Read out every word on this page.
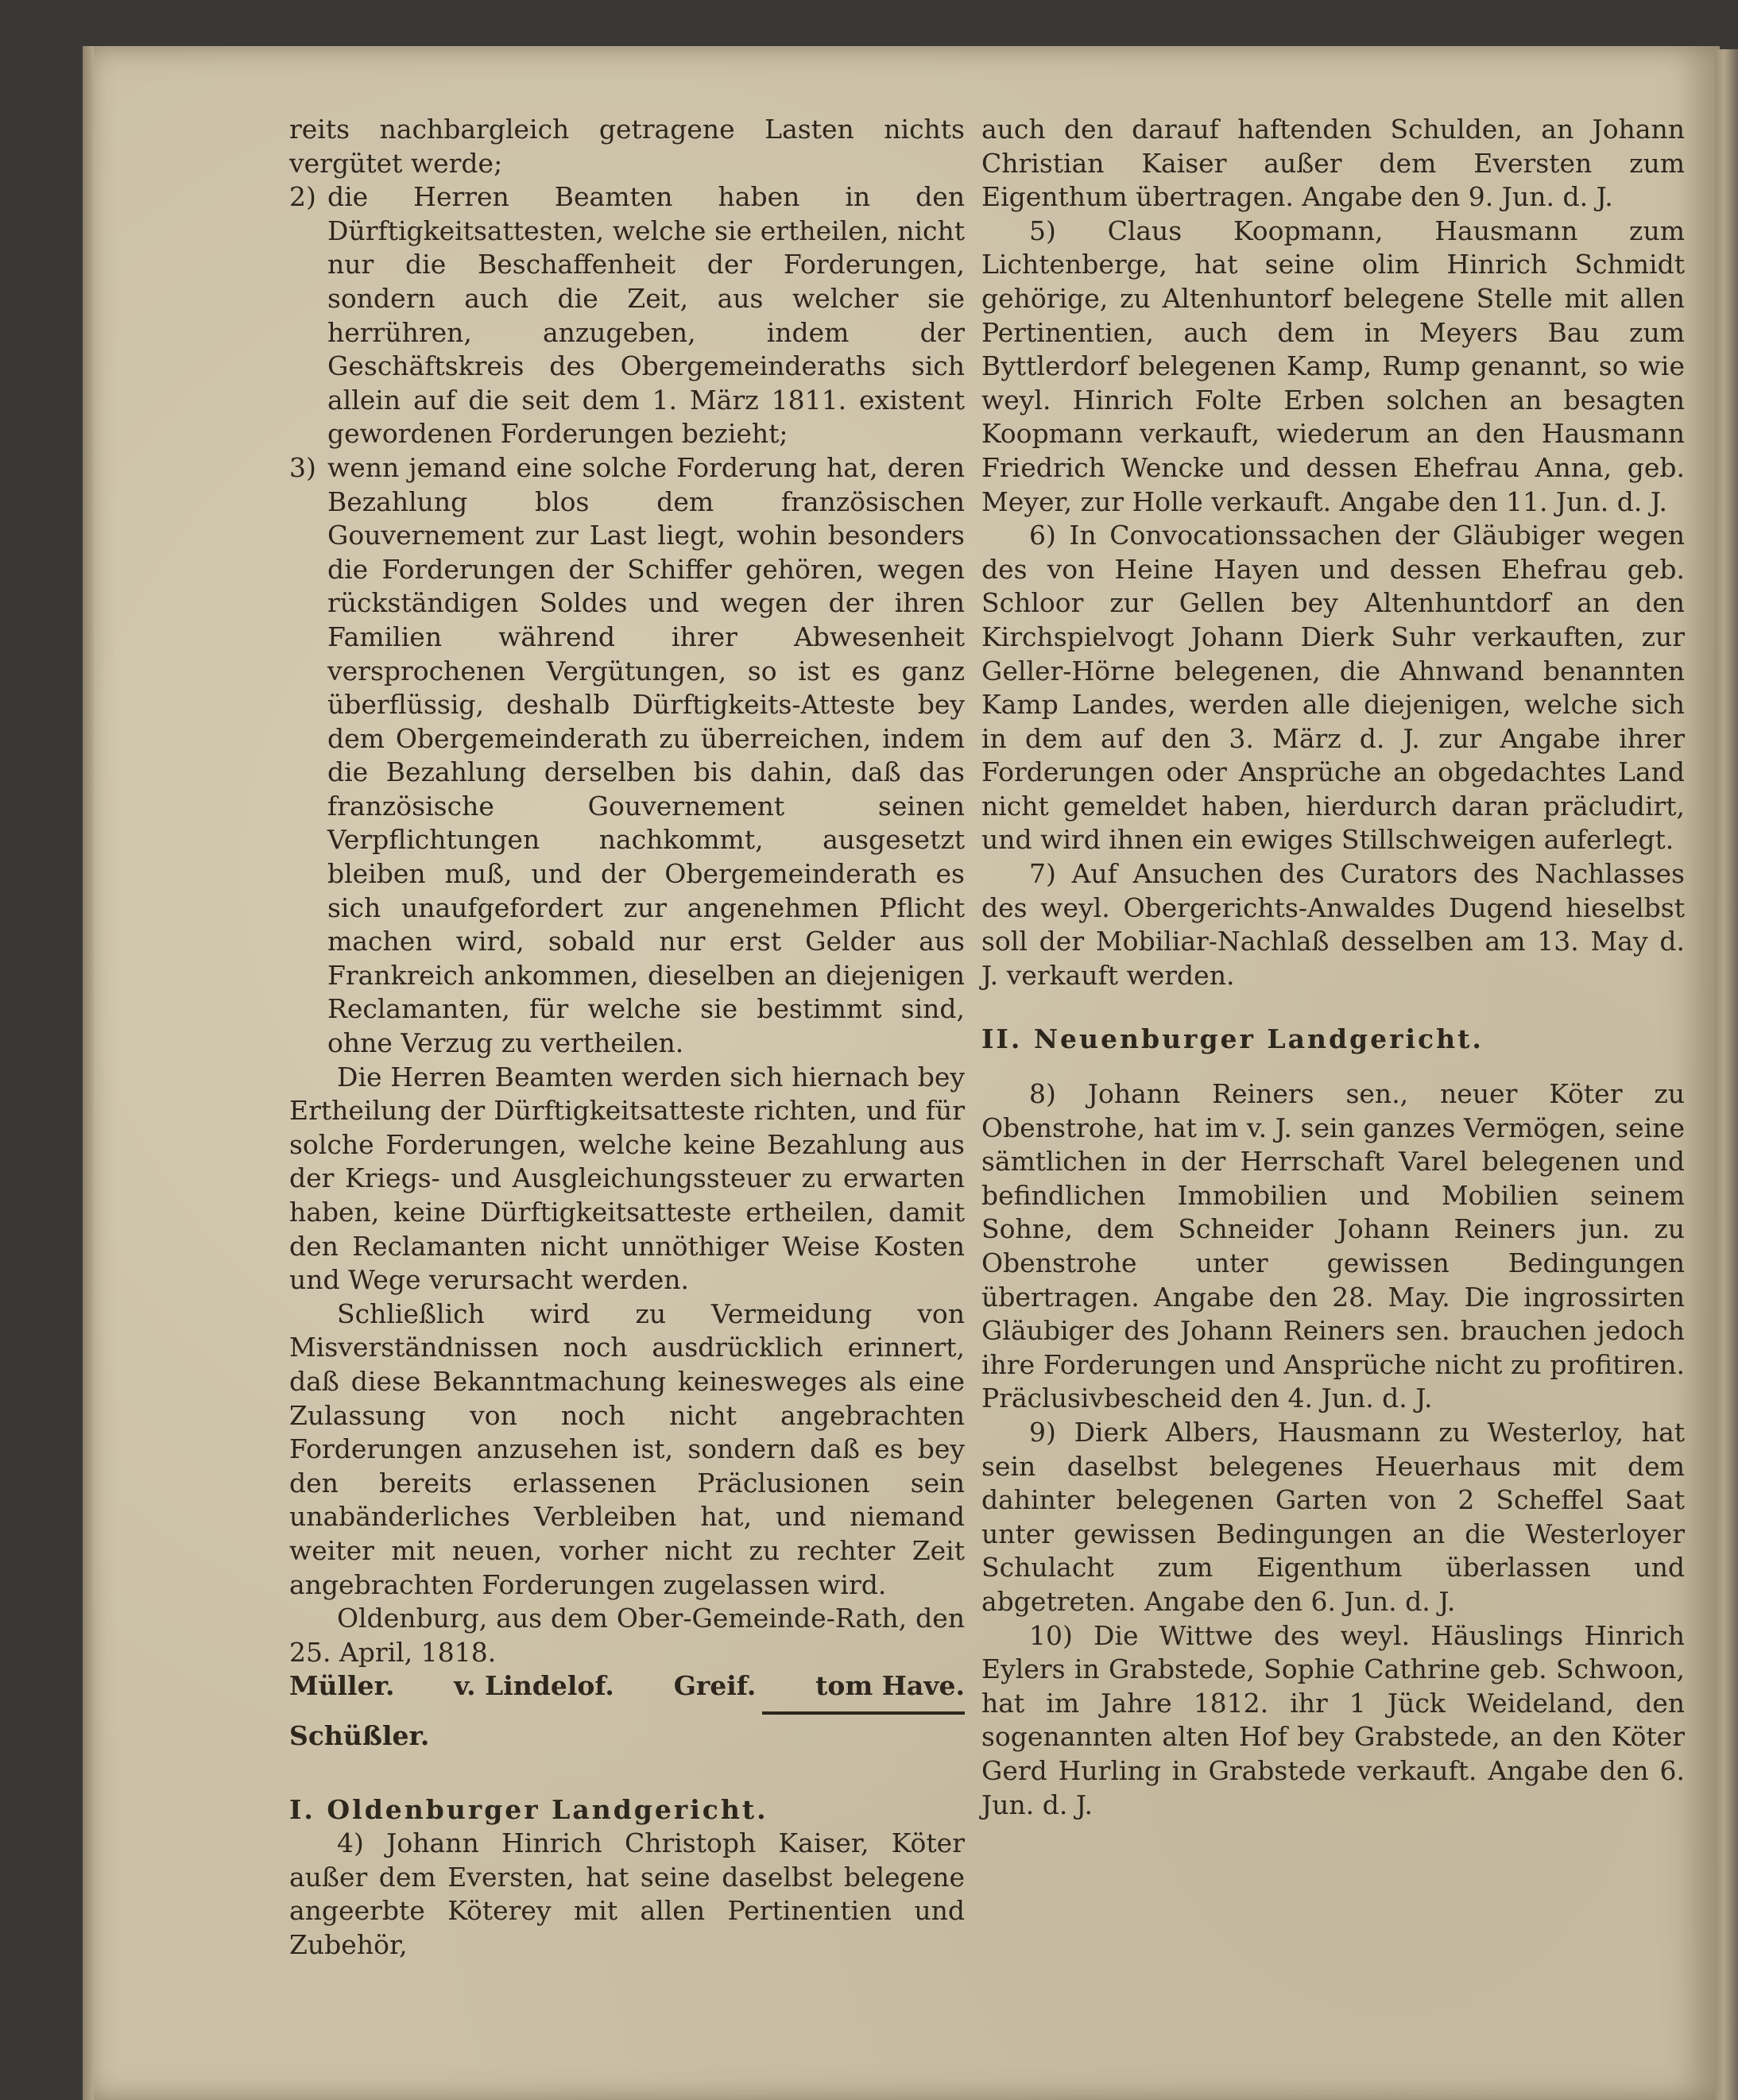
reits nachbargleich getragene Lasten nichts vergütet werde;

2) die Herren Beamten haben in den Dürftigkeitsattesten, welche sie ertheilen, nicht nur die Beschaffenheit der Forderungen, sondern auch die Zeit, aus welcher sie herrühren, anzugeben, indem der Geschäftskreis des Obergemeinderaths sich allein auf die seit dem 1. März 1811. existent gewordenen Forderungen bezieht;
3) wenn jemand eine solche Forderung hat, deren Bezahlung blos dem französischen Gouvernement zur Last liegt, wohin besonders die Forderungen der Schiffer gehören, wegen rückständigen Soldes und wegen der ihren Familien während ihrer Abwesenheit versprochenen Vergütungen, so ist es ganz überflüssig, deshalb Dürftigkeits-Atteste bey dem Obergemeinderath zu überreichen, indem die Bezahlung derselben bis dahin, daß das französische Gouvernement seinen Verpflichtungen nachkommt, ausgesetzt bleiben muß, und der Obergemeinderath es sich unaufgefordert zur angenehmen Pflicht machen wird, sobald nur erst Gelder aus Frankreich ankommen, dieselben an diejenigen Reclamanten, für welche sie bestimmt sind, ohne Verzug zu vertheilen.

Die Herren Beamten werden sich hiernach bey Ertheilung der Dürftigkeitsatteste richten, und für solche Forderungen, welche keine Bezahlung aus der Kriegs- und Ausgleichungssteuer zu erwarten haben, keine Dürftigkeitsatteste ertheilen, damit den Reclamanten nicht unnöthiger Weise Kosten und Wege verursacht werden.

Schließlich wird zu Vermeidung von Misverständnissen noch ausdrücklich erinnert, daß diese Bekanntmachung keinesweges als eine Zulassung von noch nicht angebrachten Forderungen anzusehen ist, sondern daß es bey den bereits erlassenen Präclusionen sein unabänderliches Verbleiben hat, und niemand weiter mit neuen, vorher nicht zu rechter Zeit angebrachten Forderungen zugelassen wird.

Oldenburg, aus dem Ober-Gemeinde-Rath, den 25. April, 1818.

Müller. v. Lindelof. Greif. tom Have.

Schüßler.

I. Oldenburger Landgericht.

4) Johann Hinrich Christoph Kaiser, Köter außer dem Eversten, hat seine daselbst belegene angeerbte Köterey mit allen Pertinentien und Zubehör,

auch den darauf haftenden Schulden, an Johann Christian Kaiser außer dem Eversten zum Eigenthum übertragen. Angabe den 9. Jun. d. J.

5) Claus Koopmann, Hausmann zum Lichtenberge, hat seine olim Hinrich Schmidt gehörige, zu Altenhuntorf belegene Stelle mit allen Pertinentien, auch dem in Meyers Bau zum Byttlerdorf belegenen Kamp, Rump genannt, so wie weyl. Hinrich Folte Erben solchen an besagten Koopmann verkauft, wiederum an den Hausmann Friedrich Wencke und dessen Ehefrau Anna, geb. Meyer, zur Holle verkauft. Angabe den 11. Jun. d. J.

6) In Convocationssachen der Gläubiger wegen des von Heine Hayen und dessen Ehefrau geb. Schloor zur Gellen bey Altenhuntdorf an den Kirchspielvogt Johann Dierk Suhr verkauften, zur Geller-Hörne belegenen, die Ahnwand benannten Kamp Landes, werden alle diejenigen, welche sich in dem auf den 3. März d. J. zur Angabe ihrer Forderungen oder Ansprüche an obgedachtes Land nicht gemeldet haben, hierdurch daran präcludirt, und wird ihnen ein ewiges Stillschweigen auferlegt.

7) Auf Ansuchen des Curators des Nachlasses des weyl. Obergerichts-Anwaldes Dugend hieselbst soll der Mobiliar-Nachlaß desselben am 13. May d. J. verkauft werden.

II. Neuenburger Landgericht.

8) Johann Reiners sen., neuer Köter zu Obenstrohe, hat im v. J. sein ganzes Vermögen, seine sämtlichen in der Herrschaft Varel belegenen und befindlichen Immobilien und Mobilien seinem Sohne, dem Schneider Johann Reiners jun. zu Obenstrohe unter gewissen Bedingungen übertragen. Angabe den 28. May. Die ingrossirten Gläubiger des Johann Reiners sen. brauchen jedoch ihre Forderungen und Ansprüche nicht zu profitiren. Präclusivbescheid den 4. Jun. d. J.

9) Dierk Albers, Hausmann zu Westerloy, hat sein daselbst belegenes Heuerhaus mit dem dahinter belegenen Garten von 2 Scheffel Saat unter gewissen Bedingungen an die Westerloyer Schulacht zum Eigenthum überlassen und abgetreten. Angabe den 6. Jun. d. J.

10) Die Wittwe des weyl. Häuslings Hinrich Eylers in Grabstede, Sophie Cathrine geb. Schwoon, hat im Jahre 1812. ihr 1 Jück Weideland, den sogenannten alten Hof bey Grabstede, an den Köter Gerd Hurling in Grabstede verkauft. Angabe den 6. Jun. d. J.
